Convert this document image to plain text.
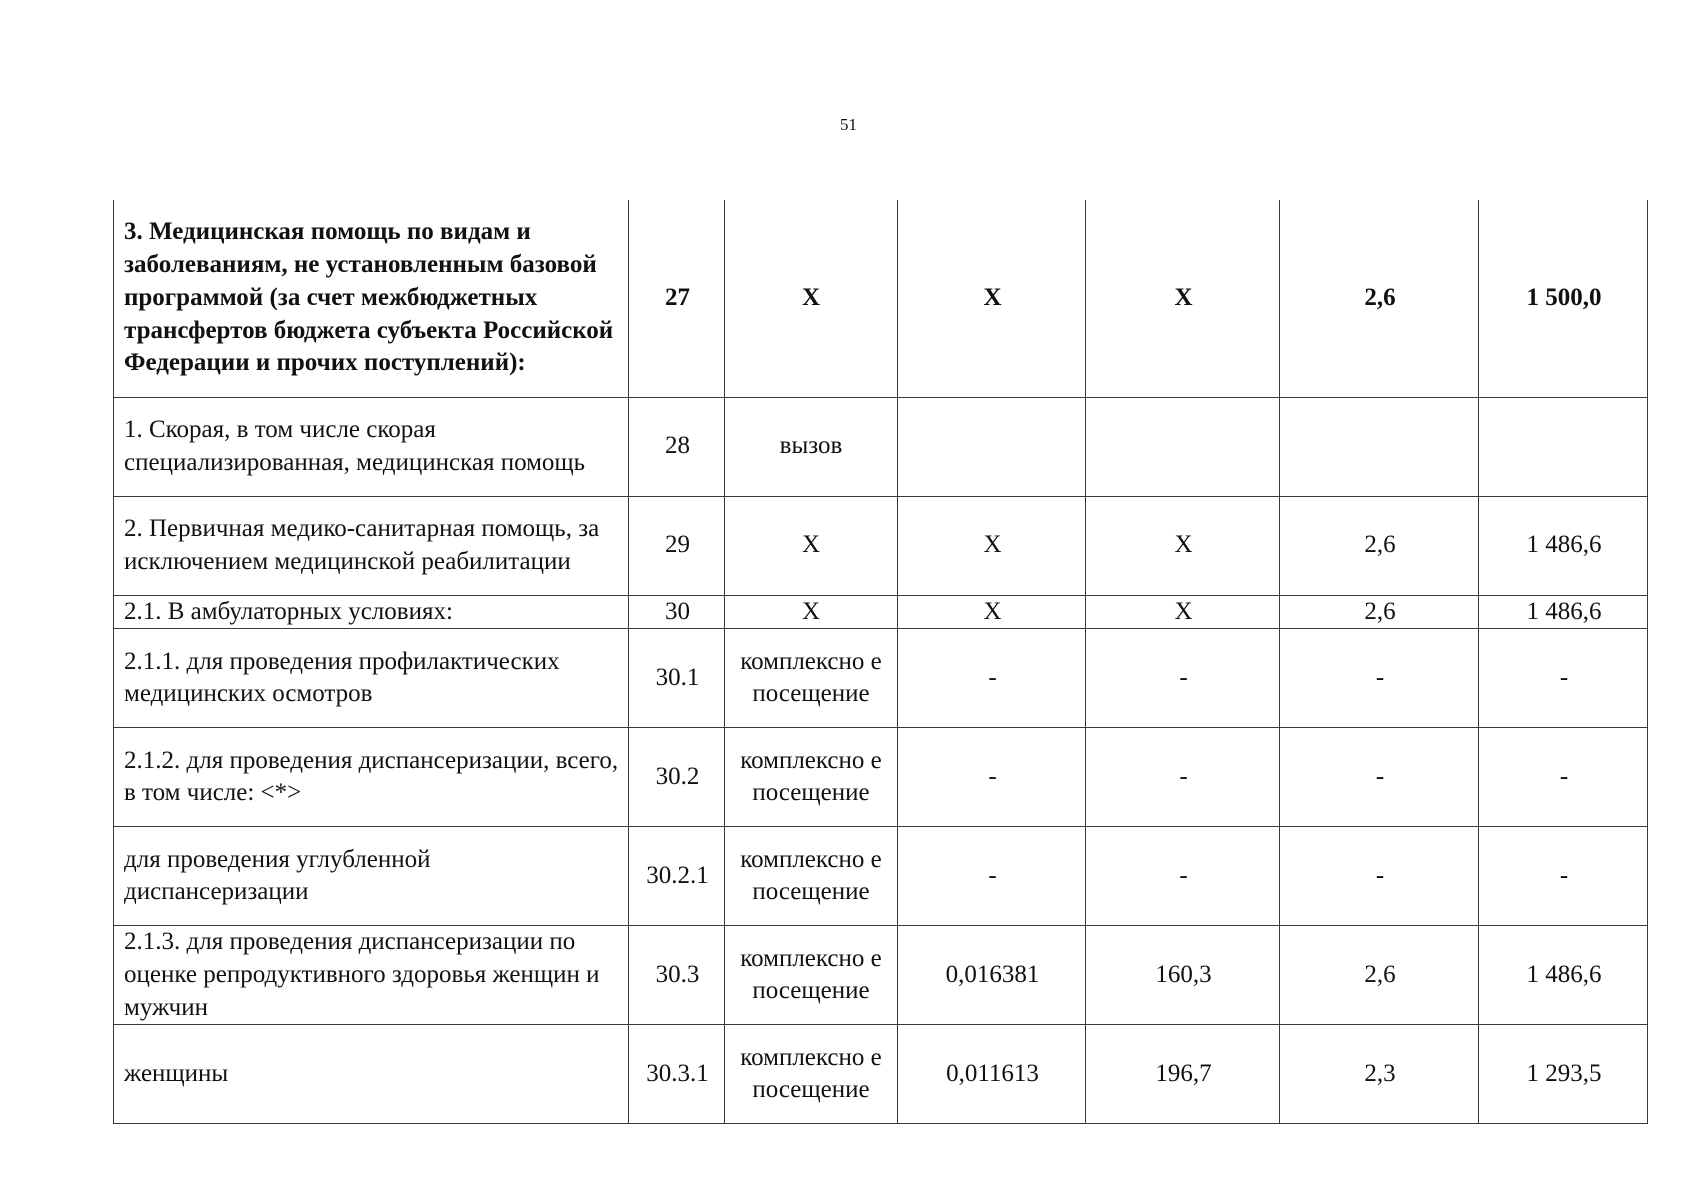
51
3. Медицинская помощь по видам и заболеваниям, не установленным базовой программой (за счет межбюджетных трансфертов бюджета субъекта Российской Федерации и прочих поступлений):	27	X	X	X	2,6	1 500,0
1. Скорая, в том числе скорая специализированная, медицинская помощь	28	вызов				
2. Первичная медико-санитарная помощь, за исключением медицинской реабилитации	29	X	X	X	2,6	1 486,6
2.1. В амбулаторных условиях:	30	X	X	X	2,6	1 486,6
2.1.1. для проведения профилактических медицинских осмотров	30.1	комплексно е посещение	-	-	-	-
2.1.2. для проведения диспансеризации, всего, в том числе: <*>	30.2	комплексно е посещение	-	-	-	-
для проведения углубленной диспансеризации	30.2.1	комплексно е посещение	-	-	-	-
2.1.3. для проведения диспансеризации по оценке репродуктивного здоровья женщин и мужчин	30.3	комплексно е посещение	0,016381	160,3	2,6	1 486,6
женщины	30.3.1	комплексно е посещение	0,011613	196,7	2,3	1 293,5
